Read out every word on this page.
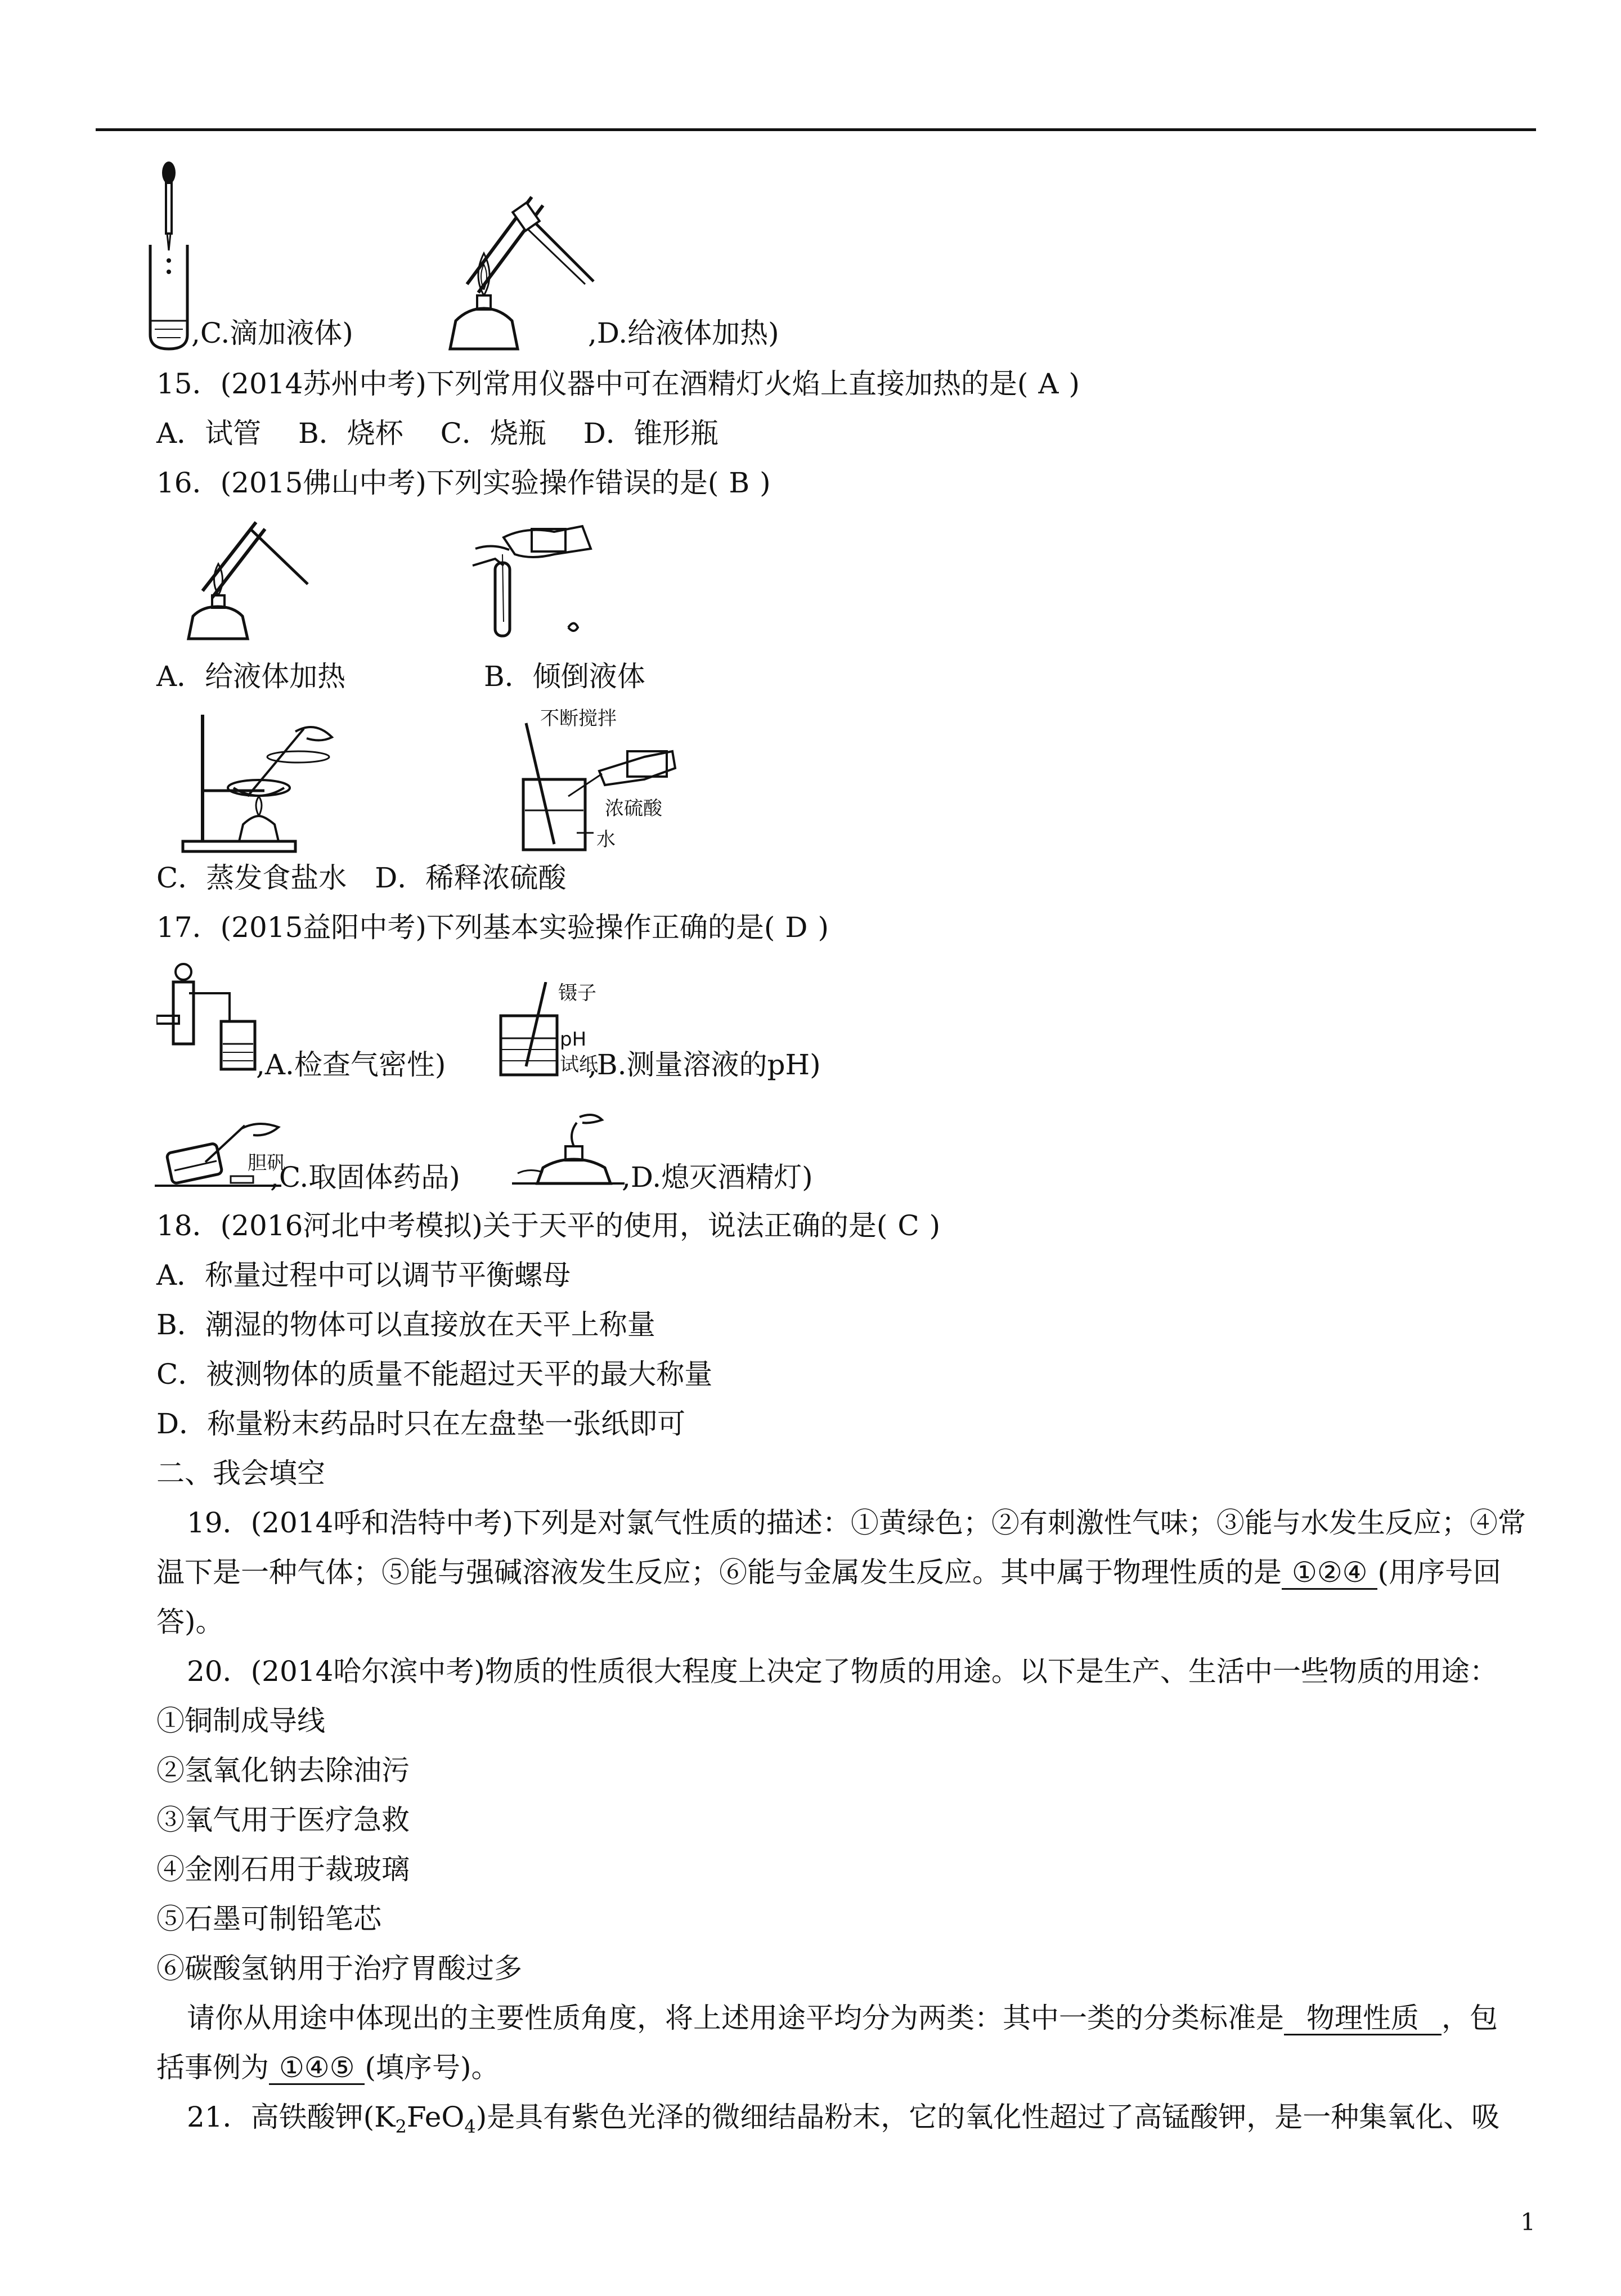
,C.滴加液体)	,D.给液体加热)
15．(2014苏州中考)下列常用仪器中可在酒精灯火焰上直接加热的是( A )
A．试管　 B．烧杯　 C．烧瓶　 D．锥形瓶
16．(2015佛山中考)下列实验操作错误的是( B )
A．给液体加热	B．倾倒液体
不断搅拌
浓硫酸
水
C．蒸发食盐水　D．稀释浓硫酸
17．(2015益阳中考)下列基本实验操作正确的是( D )
,A.检查气密性)
镊子
pH
试纸
,B.测量溶液的pH)
胆矾
,C.取固体药品)	,D.熄灭酒精灯)
18．(2016河北中考模拟)关于天平的使用，说法正确的是( C )
A．称量过程中可以调节平衡螺母
B．潮湿的物体可以直接放在天平上称量
C．被测物体的质量不能超过天平的最大称量
D．称量粉末药品时只在左盘垫一张纸即可
二、我会填空
19．(2014呼和浩特中考)下列是对氯气性质的描述：①黄绿色；②有刺激性气味；③能与水发生反应；④常
温下是一种气体；⑤能与强碱溶液发生反应；⑥能与金属发生反应。其中属于物理性质的是 ①②④ (用序号回
答)。
20．(2014哈尔滨中考)物质的性质很大程度上决定了物质的用途。以下是生产、生活中一些物质的用途：
①铜制成导线
②氢氧化钠去除油污
③氧气用于医疗急救
④金刚石用于裁玻璃
⑤石墨可制铅笔芯
⑥碳酸氢钠用于治疗胃酸过多
请你从用途中体现出的主要性质角度，将上述用途平均分为两类：其中一类的分类标准是 物理性质 ，包
括事例为 ①④⑤ (填序号)。
21．高铁酸钾$(K_2FeO_4)$是具有紫色光泽的微细结晶粉末，它的氧化性超过了高锰酸钾，是一种集氧化、吸
1
